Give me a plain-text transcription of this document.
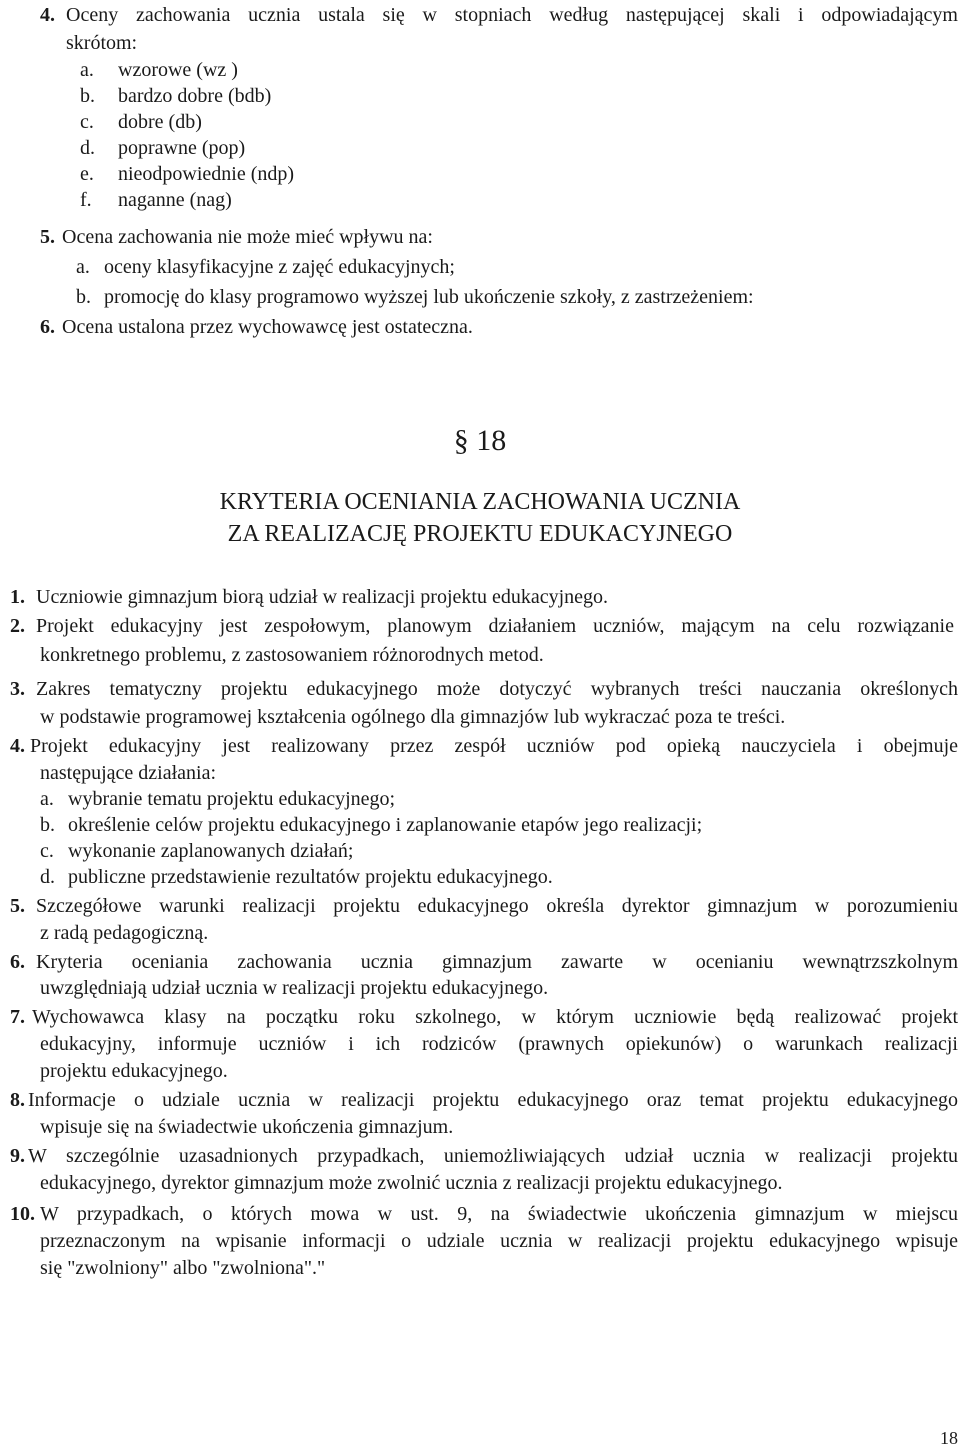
4. Oceny zachowania ucznia ustala się w stopniach według następującej skali i odpowiadającym
skrótom:
a. wzorowe (wz )
b. bardzo dobre (bdb)
c. dobre (db)
d. poprawne (pop)
e. nieodpowiednie (ndp)
f. naganne (nag)
5. Ocena zachowania nie może mieć wpływu na:
a. oceny klasyfikacyjne z zajęć edukacyjnych;
b. promocję do klasy programowo wyższej lub ukończenie szkoły, z zastrzeżeniem:
6. Ocena ustalona przez wychowawcę jest ostateczna.
§ 18
KRYTERIA OCENIANIA ZACHOWANIA UCZNIA
ZA REALIZACJĘ PROJEKTU EDUKACYJNEGO
1. Uczniowie gimnazjum biorą udział w realizacji projektu edukacyjnego.
2. Projekt edukacyjny jest zespołowym, planowym działaniem uczniów, mającym na celu rozwiązanie
konkretnego problemu, z zastosowaniem różnorodnych metod.
3. Zakres tematyczny projektu edukacyjnego może dotyczyć wybranych treści nauczania określonych
w podstawie programowej kształcenia ogólnego dla gimnazjów lub wykraczać poza te treści.
4. Projekt edukacyjny jest realizowany przez zespół uczniów pod opieką nauczyciela i obejmuje
następujące działania:
a. wybranie tematu projektu edukacyjnego;
b. określenie celów projektu edukacyjnego i zaplanowanie etapów jego realizacji;
c. wykonanie zaplanowanych działań;
d. publiczne przedstawienie rezultatów projektu edukacyjnego.
5. Szczegółowe warunki realizacji projektu edukacyjnego określa dyrektor gimnazjum w porozumieniu
z radą pedagogiczną.
6. Kryteria oceniania zachowania ucznia gimnazjum zawarte w ocenianiu wewnątrzszkolnym
uwzględniają udział ucznia w realizacji projektu edukacyjnego.
7. Wychowawca klasy na początku roku szkolnego, w którym uczniowie będą realizować projekt
edukacyjny, informuje uczniów i ich rodziców (prawnych opiekunów) o warunkach realizacji
projektu edukacyjnego.
8. Informacje o udziale ucznia w realizacji projektu edukacyjnego oraz temat projektu edukacyjnego
wpisuje się na świadectwie ukończenia gimnazjum.
9. W szczególnie uzasadnionych przypadkach, uniemożliwiających udział ucznia w realizacji projektu
edukacyjnego, dyrektor gimnazjum może zwolnić ucznia z realizacji projektu edukacyjnego.
10. W przypadkach, o których mowa w ust. 9, na świadectwie ukończenia gimnazjum w miejscu
przeznaczonym na wpisanie informacji o udziale ucznia w realizacji projektu edukacyjnego wpisuje
się "zwolniony" albo "zwolniona"."
18
